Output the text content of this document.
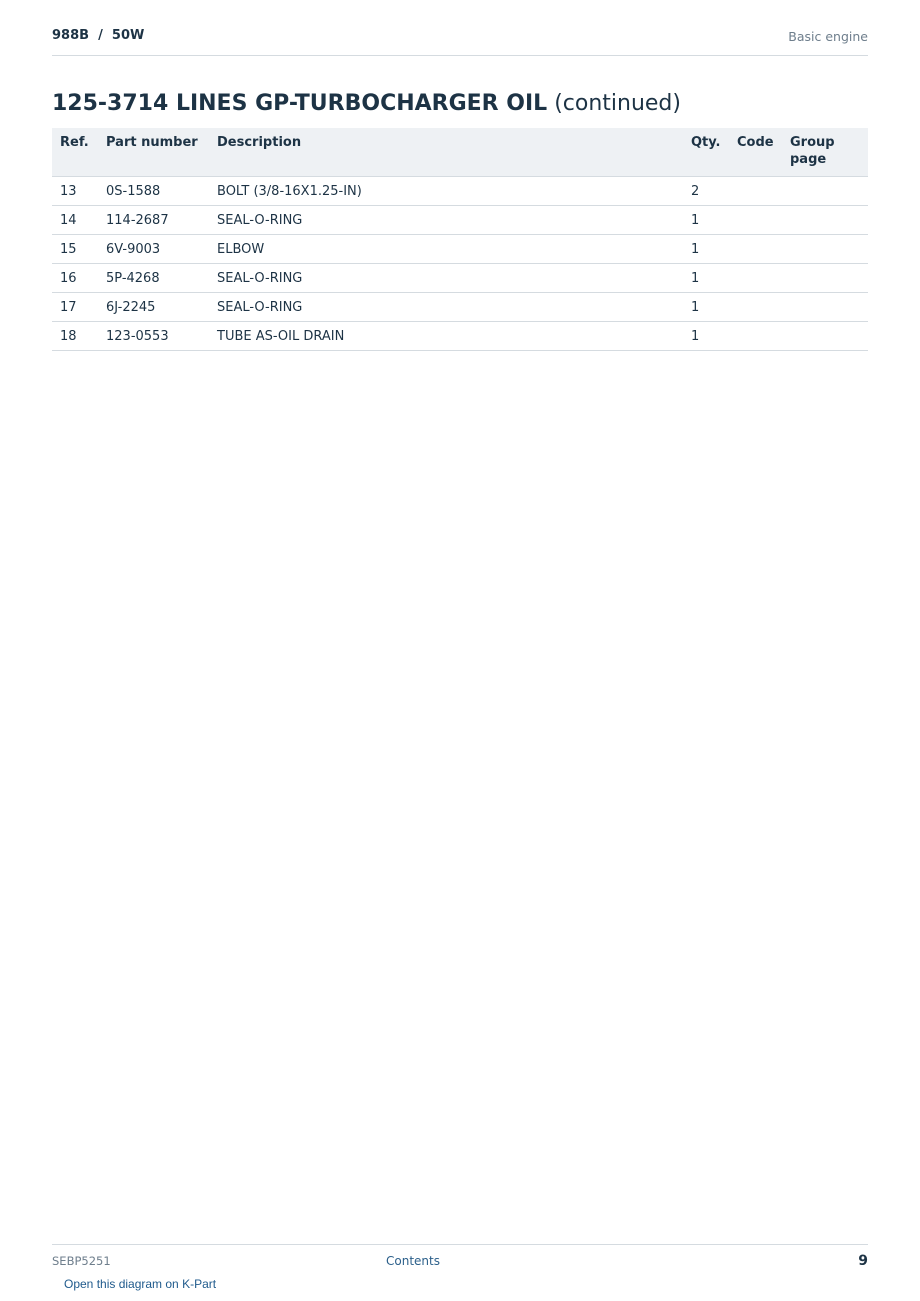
988B  /  50W	Basic engine
125-3714 LINES GP-TURBOCHARGER OIL (continued)
Ref.	Part number	Description	Qty.	Code	Group page
13	0S-1588	BOLT (3/8-16X1.25-IN)	2		
14	114-2687	SEAL-O-RING	1		
15	6V-9003	ELBOW	1		
16	5P-4268	SEAL-O-RING	1		
17	6J-2245	SEAL-O-RING	1		
18	123-0553	TUBE AS-OIL DRAIN	1		
SEBP5251	Contents	9
Open this diagram on K-Part
